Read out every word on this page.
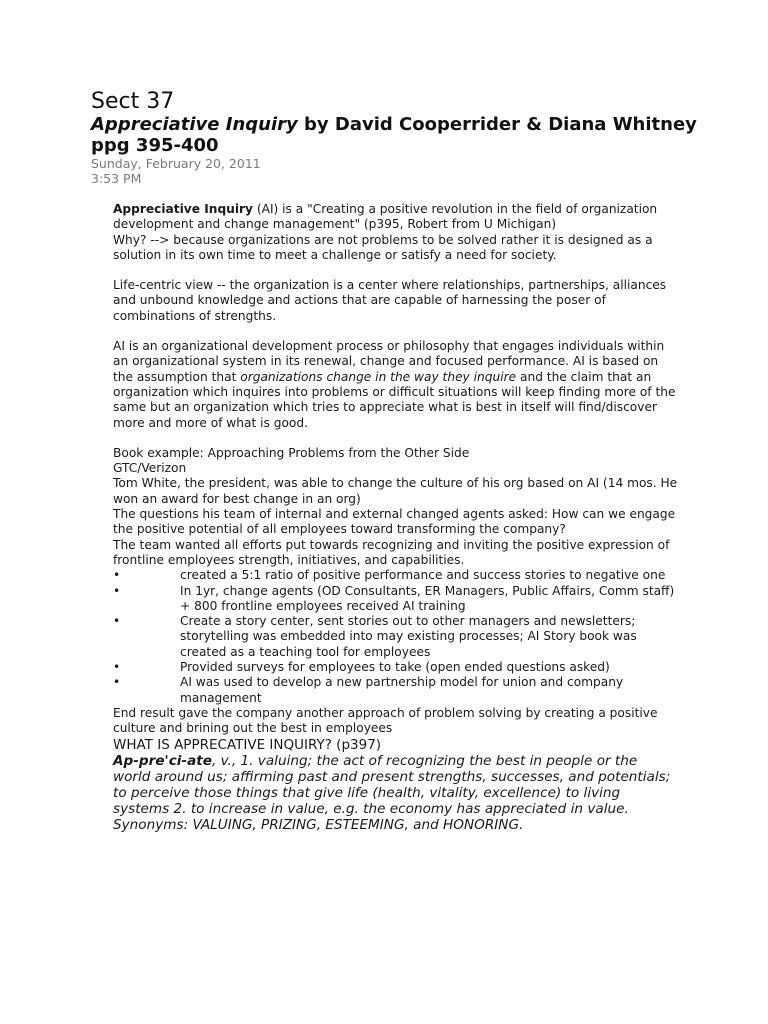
Sect 37
Appreciative Inquiry by David Cooperrider & Diana Whitney ppg 395-400
Sunday, February 20, 2011
3:53 PM

Appreciative Inquiry (AI) is a "Creating a positive revolution in the field of organization development and change management" (p395, Robert from U Michigan)

Why? --> because organizations are not problems to be solved rather it is designed as a solution in its own time to meet a challenge or satisfy a need for society.

Life-centric view -- the organization is a center where relationships, partnerships, alliances and unbound knowledge and actions that are capable of harnessing the poser of combinations of strengths.

AI is an organizational development process or philosophy that engages individuals within an organizational system in its renewal, change and focused performance. AI is based on the assumption that organizations change in the way they inquire and the claim that an organization which inquires into problems or difficult situations will keep finding more of the same but an organization which tries to appreciate what is best in itself will find/discover more and more of what is good.

Book example: Approaching Problems from the Other Side

GTC/Verizon

Tom White, the president, was able to change the culture of his org based on AI (14 mos. He won an award for best change in an org)

The questions his team of internal and external changed agents asked: How can we engage the positive potential of all employees toward transforming the company?

The team wanted all efforts put towards recognizing and inviting the positive expression of frontline employees strength, initiatives, and capabilities.

•	created a 5:1 ratio of positive performance and success stories to negative one
•	In 1yr, change agents (OD Consultants, ER Managers, Public Affairs, Comm staff) + 800 frontline employees received AI training
•	Create a story center, sent stories out to other managers and newsletters; storytelling was embedded into may existing processes; AI Story book was created as a teaching tool for employees
•	Provided surveys for employees to take (open ended questions asked)
•	AI was used to develop a new partnership model for union and company management

End result gave the company another approach of problem solving by creating a positive culture and brining out the best in employees

WHAT IS APPRECATIVE INQUIRY? (p397)

Ap-pre'ci-ate, v., 1. valuing; the act of recognizing the best in people or the world around us; affirming past and present strengths, successes, and potentials; to perceive those things that give life (health, vitality, excellence) to living systems 2. to increase in value, e.g. the economy has appreciated in value. Synonyms: VALUING, PRIZING, ESTEEMING, and HONORING.
